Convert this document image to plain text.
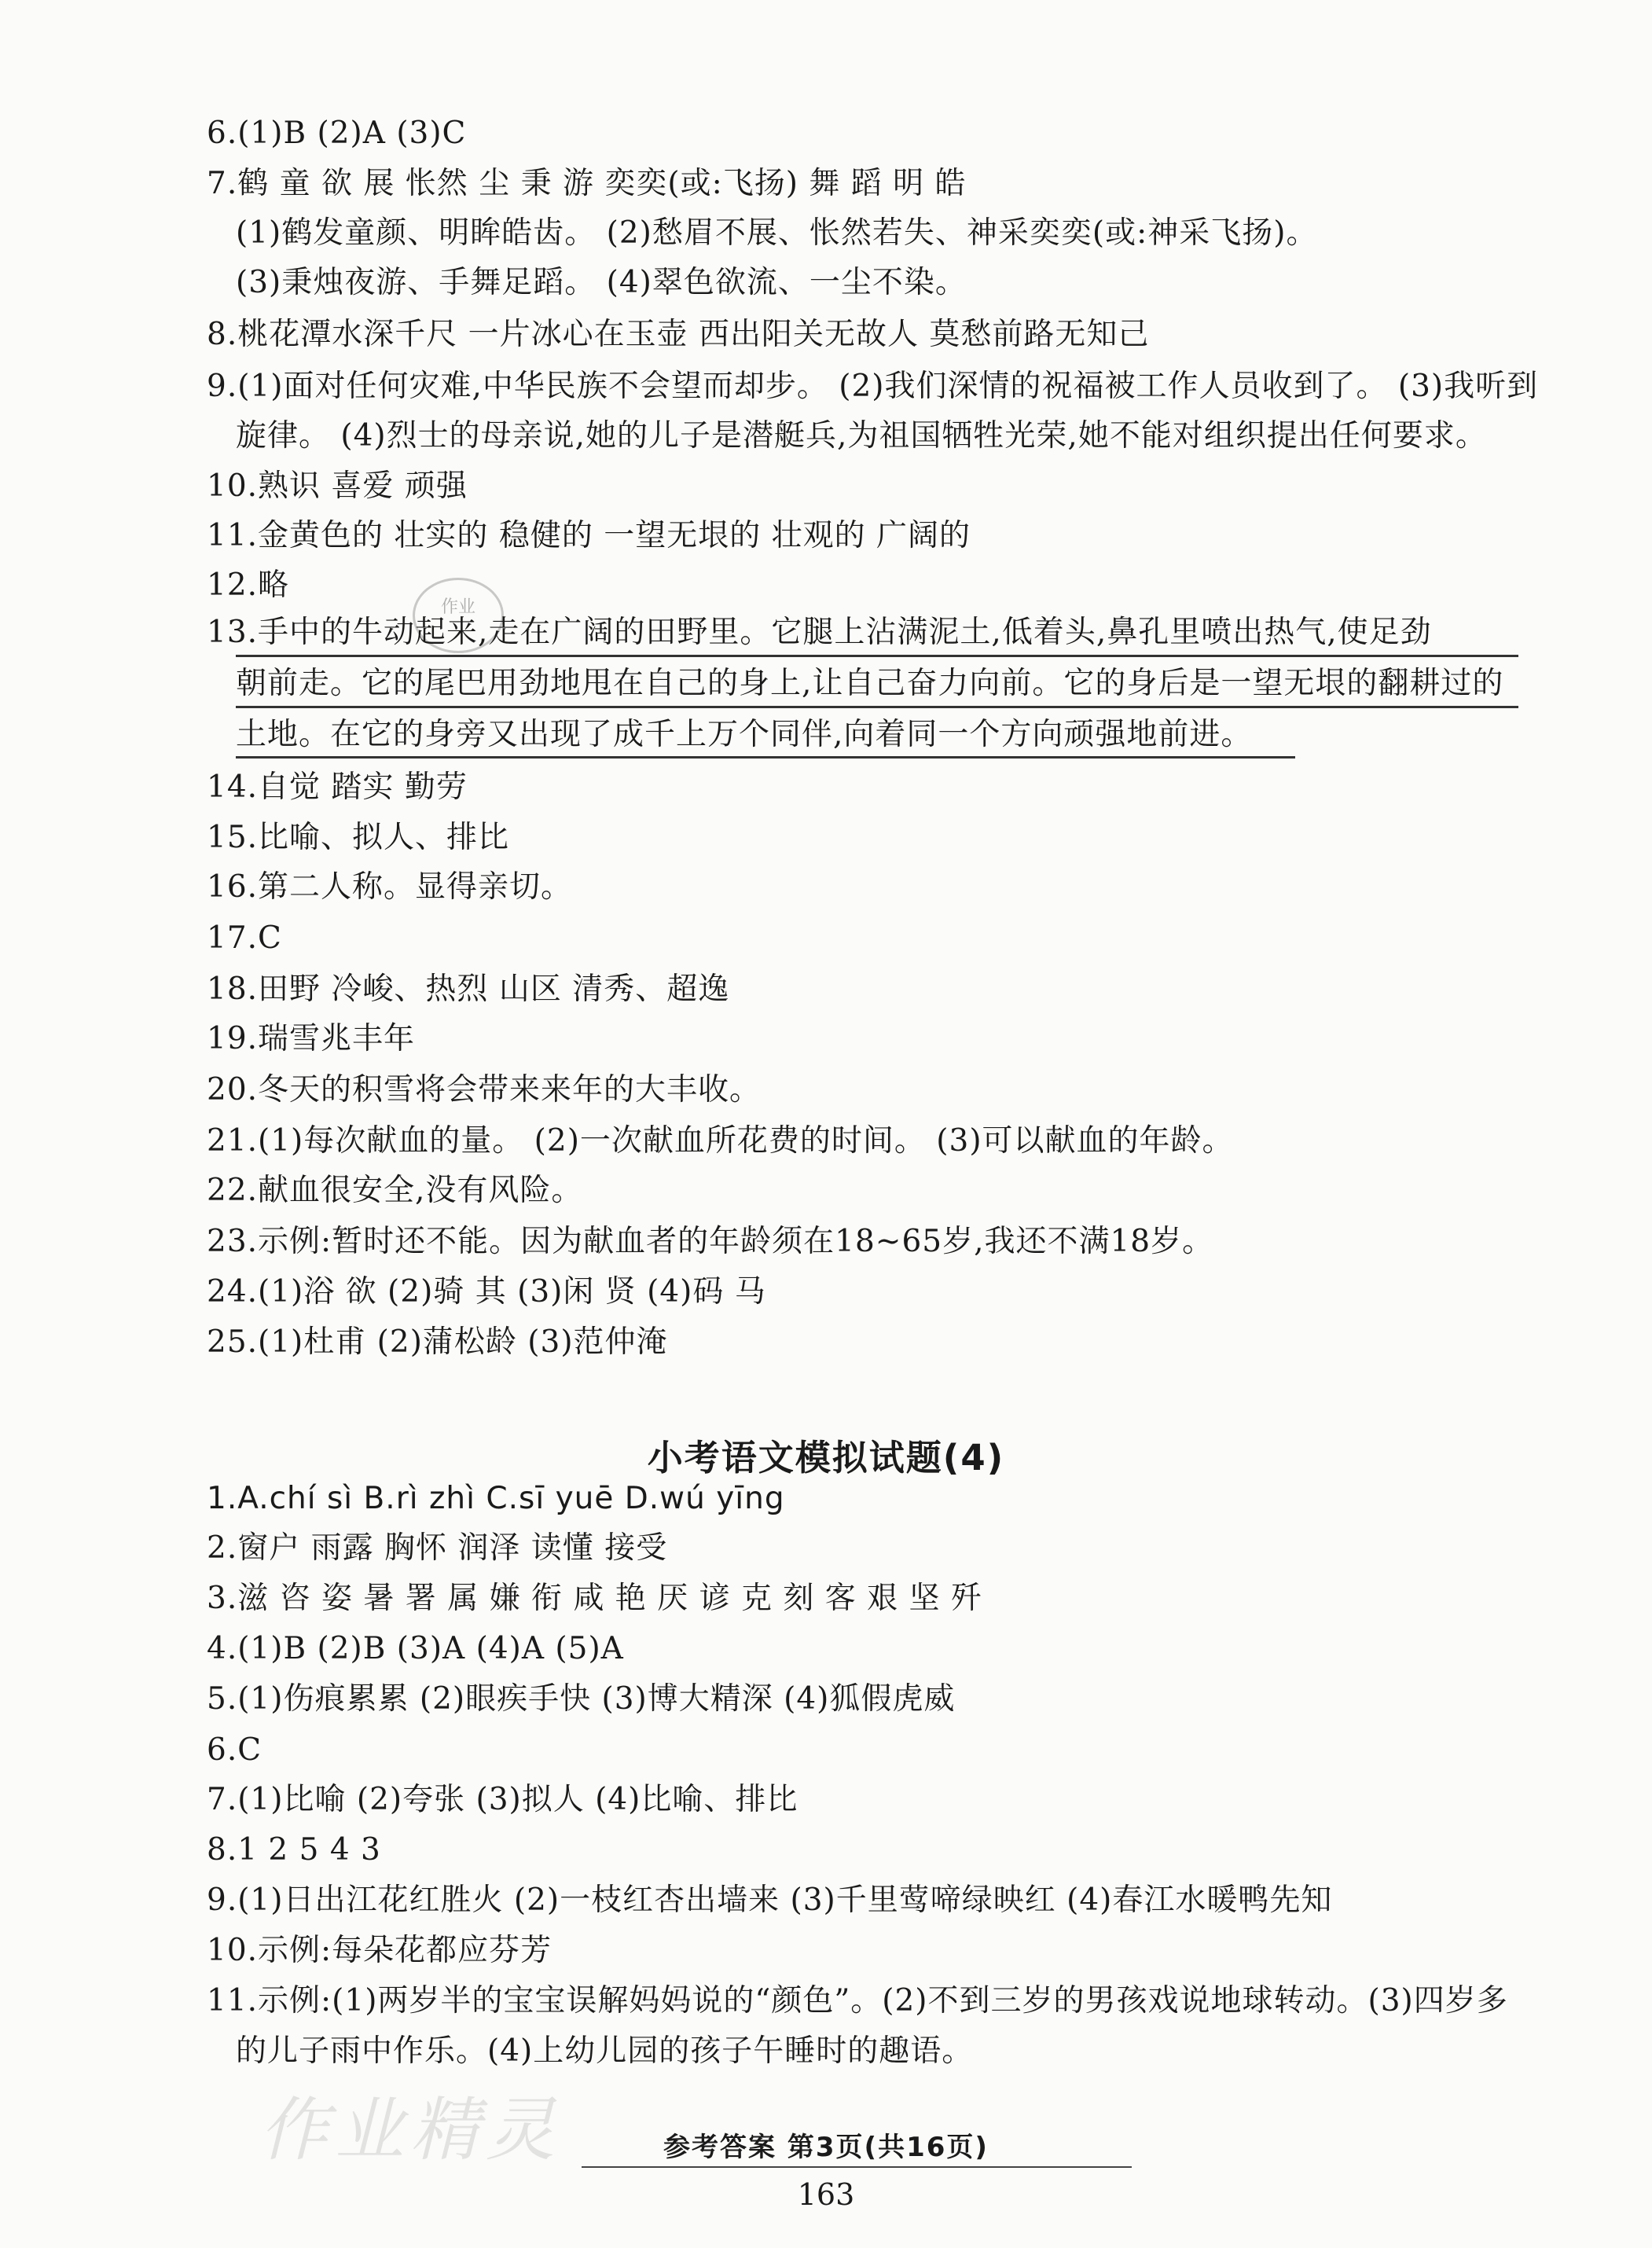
6.(1)B (2)A (3)C
7.鹤 童 欲 展 怅然 尘 秉 游 奕奕(或:飞扬) 舞 蹈 明 皓
(1)鹤发童颜、明眸皓齿。 (2)愁眉不展、怅然若失、神采奕奕(或:神采飞扬)。
(3)秉烛夜游、手舞足蹈。 (4)翠色欲流、一尘不染。
8.桃花潭水深千尺 一片冰心在玉壶 西出阳关无故人 莫愁前路无知己
9.(1)面对任何灾难,中华民族不会望而却步。 (2)我们深情的祝福被工作人员收到了。 (3)我听到
旋律。 (4)烈士的母亲说,她的儿子是潜艇兵,为祖国牺牲光荣,她不能对组织提出任何要求。
10.熟识 喜爱 顽强
11.金黄色的 壮实的 稳健的 一望无垠的 壮观的 广阔的
12.略
作业
13.手中的牛动起来,走在广阔的田野里。它腿上沾满泥土,低着头,鼻孔里喷出热气,使足劲
朝前走。它的尾巴用劲地甩在自己的身上,让自己奋力向前。它的身后是一望无垠的翻耕过的
土地。在它的身旁又出现了成千上万个同伴,向着同一个方向顽强地前进。
14.自觉 踏实 勤劳
15.比喻、拟人、排比
16.第二人称。显得亲切。
17.C
18.田野 冷峻、热烈 山区 清秀、超逸
19.瑞雪兆丰年
20.冬天的积雪将会带来来年的大丰收。
21.(1)每次献血的量。 (2)一次献血所花费的时间。 (3)可以献血的年龄。
22.献血很安全,没有风险。
23.示例:暂时还不能。因为献血者的年龄须在18~65岁,我还不满18岁。
24.(1)浴 欲 (2)骑 其 (3)闲 贤 (4)码 马
25.(1)杜甫 (2)蒲松龄 (3)范仲淹
小考语文模拟试题(4)
1.A.chí sì B.rì zhì C.sī yuē D.wú yīng
2.窗户 雨露 胸怀 润泽 读懂 接受
3.滋 咨 姿 暑 署 属 嫌 衔 咸 艳 厌 谚 克 刻 客 艰 坚 歼
4.(1)B (2)B (3)A (4)A (5)A
5.(1)伤痕累累 (2)眼疾手快 (3)博大精深 (4)狐假虎威
6.C
7.(1)比喻 (2)夸张 (3)拟人 (4)比喻、排比
8.1 2 5 4 3
9.(1)日出江花红胜火 (2)一枝红杏出墙来 (3)千里莺啼绿映红 (4)春江水暖鸭先知
10.示例:每朵花都应芬芳
11.示例:(1)两岁半的宝宝误解妈妈说的“颜色”。(2)不到三岁的男孩戏说地球转动。(3)四岁多
的儿子雨中作乐。(4)上幼儿园的孩子午睡时的趣语。
作业精灵	参考答案 第3页(共16页)
163
